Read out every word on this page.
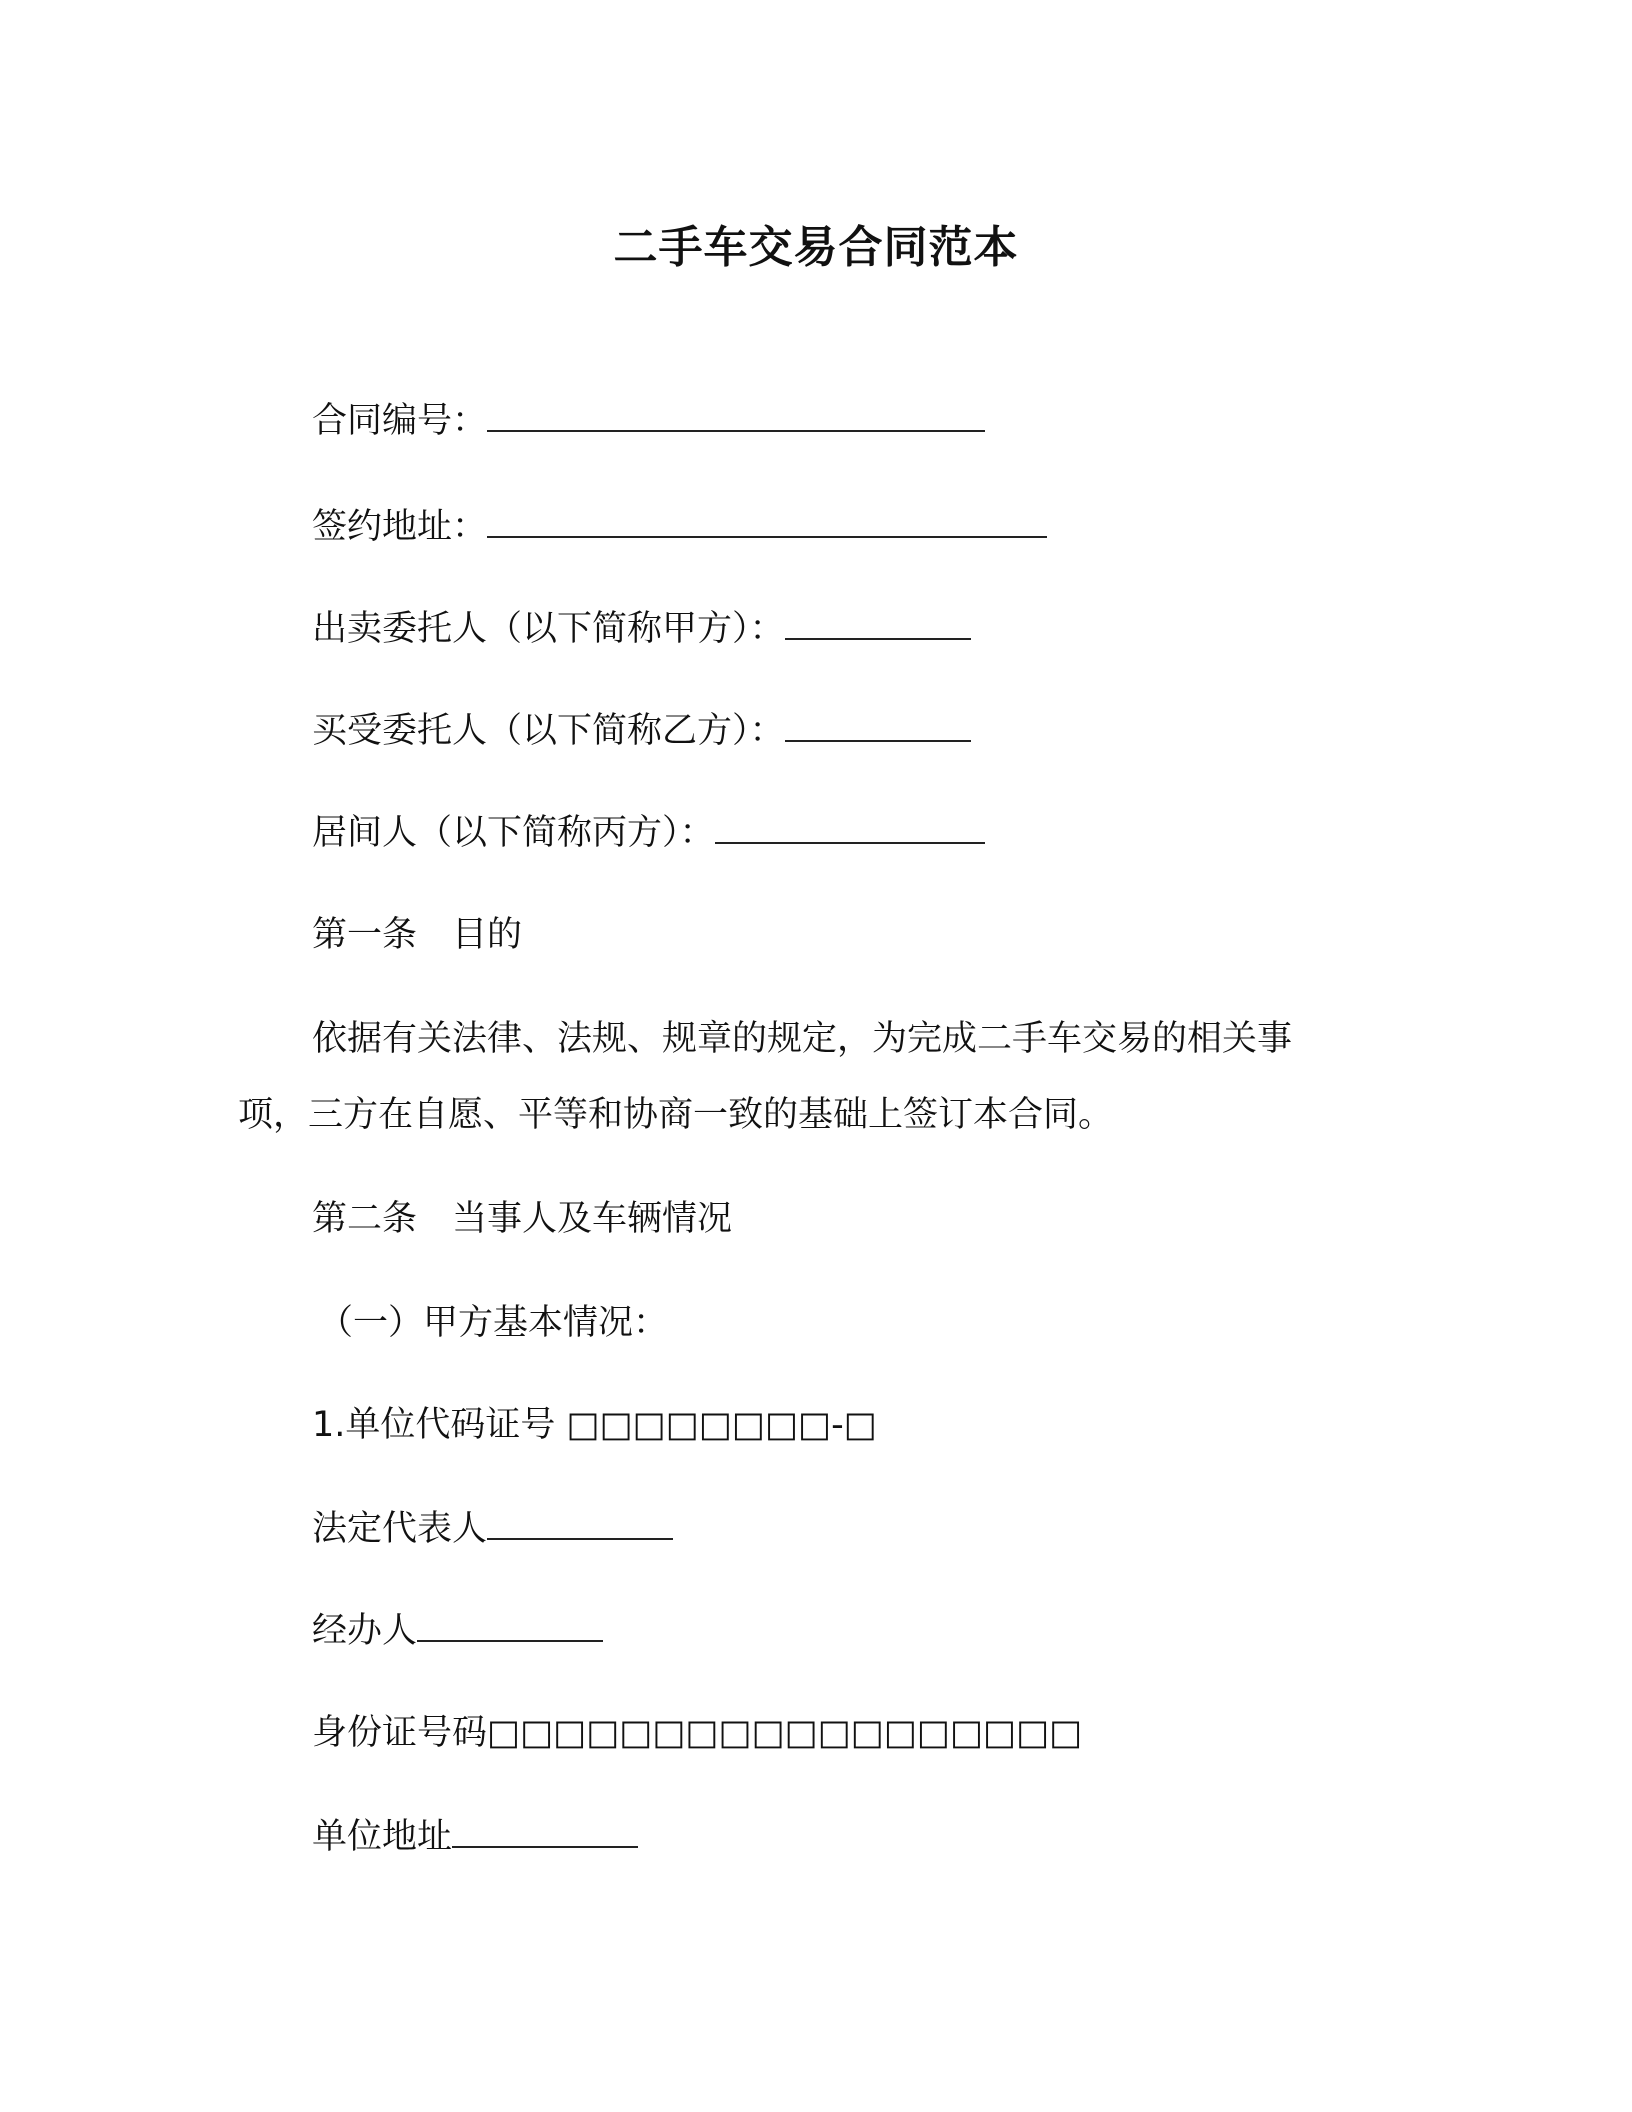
二手车交易合同范本
合同编号：
签约地址：
出卖委托人（以下简称甲方）：
买受委托人（以下简称乙方）：
居间人（以下简称丙方）：
第一条　目的
依据有关法律、法规、规章的规定，为完成二手车交易的相关事
项，三方在自愿、平等和协商一致的基础上签订本合同。
第二条　当事人及车辆情况
（一）甲方基本情况：
1.单位代码证号 □□□□□□□□-□
法定代表人
经办人
身份证号码□□□□□□□□□□□□□□□□□□
单位地址
